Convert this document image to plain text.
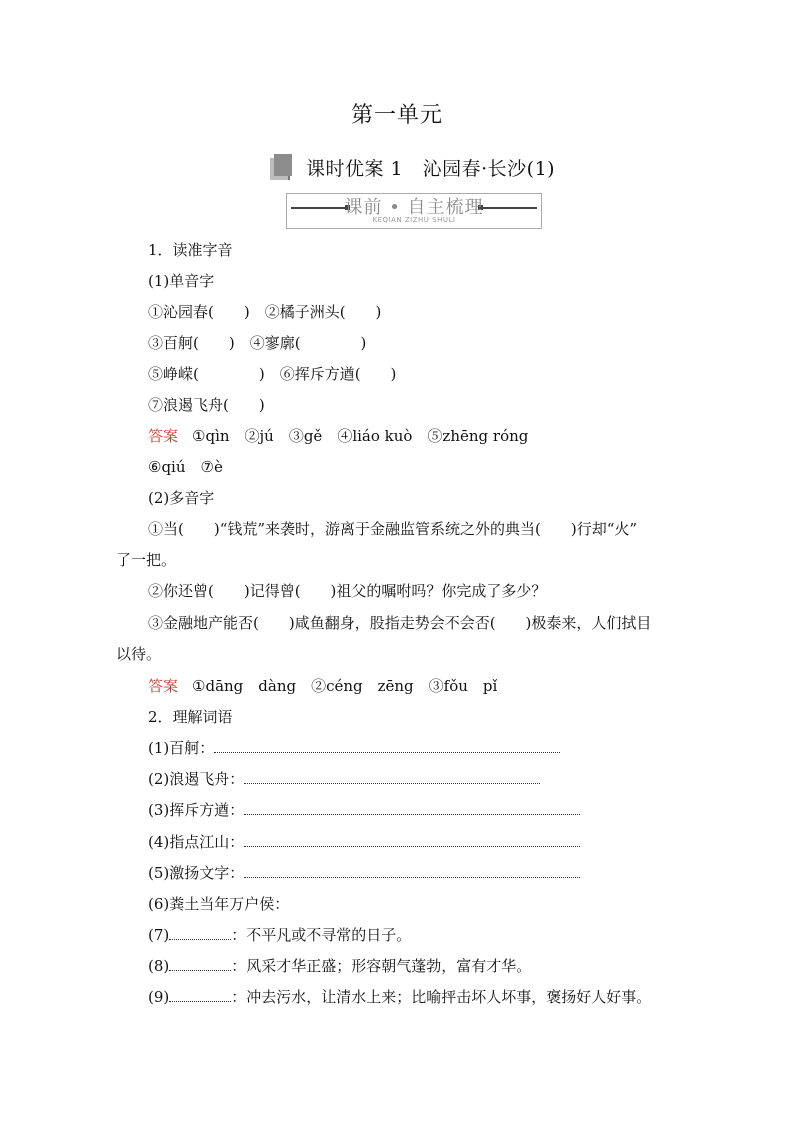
第一单元
课时优案 1　沁园春·长沙(1)
课前 • 自主梳理
KEQIAN ZIZHU SHULI
1．读准字音
(1)单音字
①沁园春(　　)　②橘子洲头(　　)
③百舸(　　)　④寥廓(　　　　)
⑤峥嵘(　　　　)　⑥挥斥方遒(　　)
⑦浪遏飞舟(　　)
答案 ①qìn　②jú　③gě　④liáo kuò　⑤zhēng róng
⑥qiú　⑦è
(2)多音字
①当(　　)“钱荒”来袭时，游离于金融监管系统之外的典当(　　)行却“火”
了一把。
②你还曾(　　)记得曾(　　)祖父的嘱咐吗？你完成了多少？
③金融地产能否(　　)咸鱼翻身，股指走势会不会否(　　)极泰来，人们拭目
以待。
答案 ①dāng　dàng　②céng　zēng　③fǒu　pǐ
2．理解词语
(1)百舸：
(2)浪遏飞舟：
(3)挥斥方遒：
(4)指点江山：
(5)激扬文字：
(6)粪土当年万户侯：
(7)	：不平凡或不寻常的日子。
(8)	：风采才华正盛；形容朝气蓬勃，富有才华。
(9)	：冲去污水，让清水上来；比喻抨击坏人坏事，褒扬好人好事。
